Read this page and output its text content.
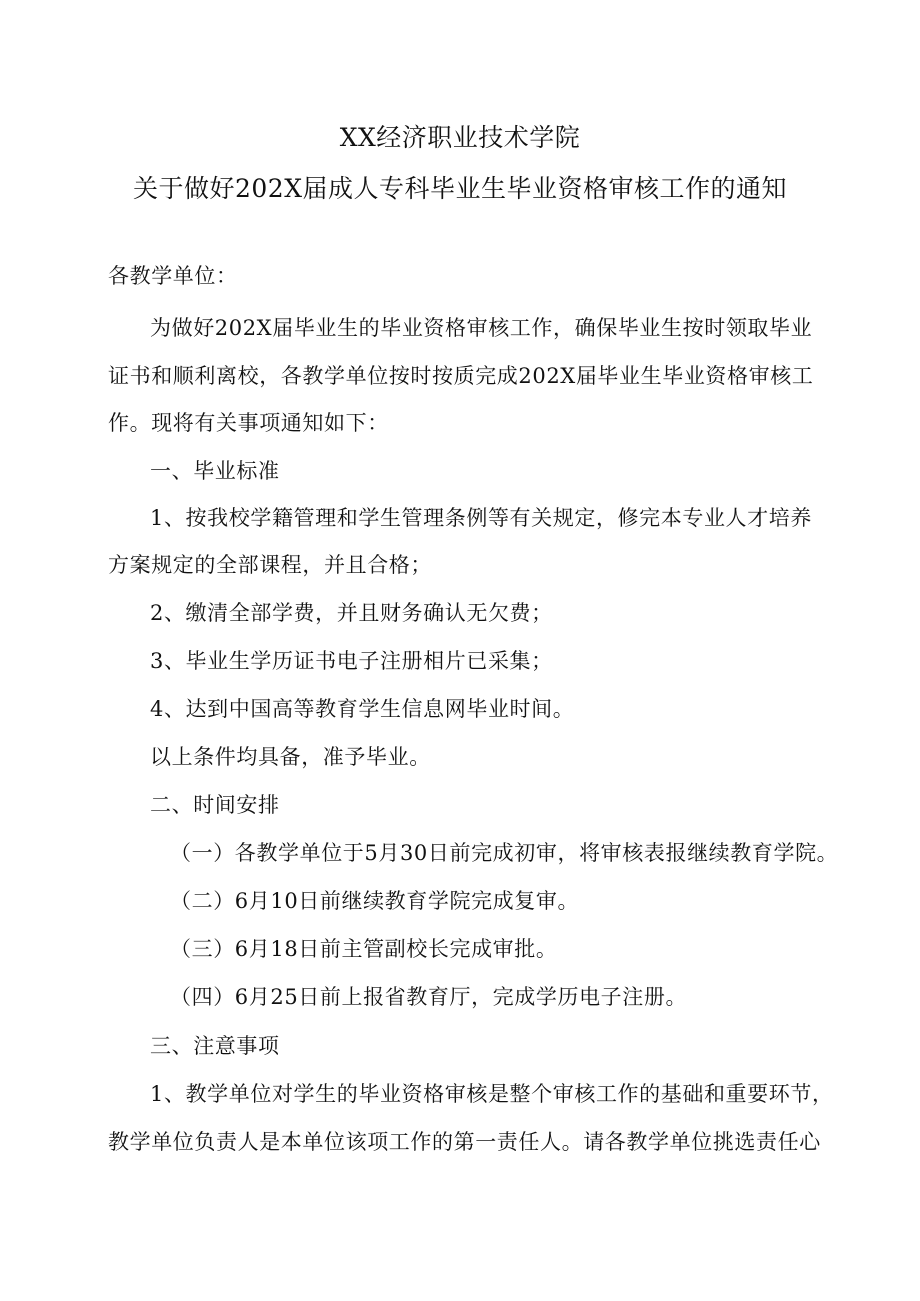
XX经济职业技术学院
关于做好202X届成人专科毕业生毕业资格审核工作的通知
各教学单位：
为做好202X届毕业生的毕业资格审核工作，确保毕业生按时领取毕业
证书和顺利离校，各教学单位按时按质完成202X届毕业生毕业资格审核工
作。现将有关事项通知如下：
一、毕业标准
1、按我校学籍管理和学生管理条例等有关规定，修完本专业人才培养
方案规定的全部课程，并且合格；
2、缴清全部学费，并且财务确认无欠费；
3、毕业生学历证书电子注册相片已采集；
4、达到中国高等教育学生信息网毕业时间。
以上条件均具备，准予毕业。
二、时间安排
（一）各教学单位于5月30日前完成初审，将审核表报继续教育学院。
（二）6月10日前继续教育学院完成复审。
（三）6月18日前主管副校长完成审批。
（四）6月25日前上报省教育厅，完成学历电子注册。
三、注意事项
1、教学单位对学生的毕业资格审核是整个审核工作的基础和重要环节，
教学单位负责人是本单位该项工作的第一责任人。请各教学单位挑选责任心
